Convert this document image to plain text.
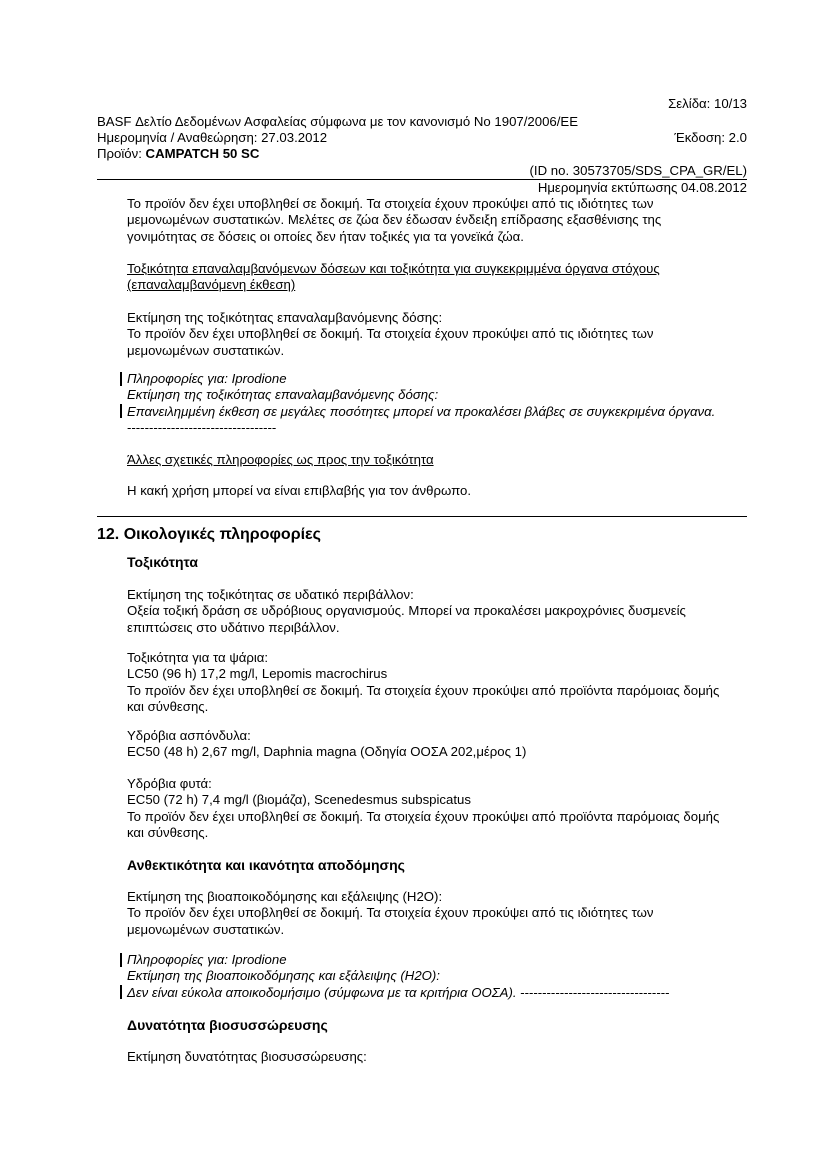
Σελίδα: 10/13
BASF Δελτίο Δεδομένων Ασφαλείας σύμφωνα με τον κανονισμό No 1907/2006/ΕΕ
Ημερομηνία / Αναθεώρηση: 27.03.2012	Έκδοση: 2.0
Προϊόν: CAMPATCH 50 SC
(ID no. 30573705/SDS_CPA_GR/EL)
Ημερομηνία εκτύπωσης 04.08.2012

Το προϊόν δεν έχει υποβληθεί σε δοκιμή. Τα στοιχεία έχουν προκύψει από τις ιδιότητες των

μεμονωμένων συστατικών. Μελέτες σε ζώα δεν έδωσαν ένδειξη επίδρασης εξασθένισης της

γονιμότητας σε δόσεις οι οποίες δεν ήταν τοξικές για τα γονεϊκά ζώα.

Τοξικότητα επαναλαμβανόμενων δόσεων και τοξικότητα για συγκεκριμμένα όργανα στόχους

(επαναλαμβανόμενη έκθεση)

Εκτίμηση της τοξικότητας επαναλαμβανόμενης δόσης:

Το προϊόν δεν έχει υποβληθεί σε δοκιμή. Τα στοιχεία έχουν προκύψει από τις ιδιότητες των

μεμονωμένων συστατικών.

Πληροφορίες για: Iprodione

Εκτίμηση της τοξικότητας επαναλαμβανόμενης δόσης:

Επανειλημμένη έκθεση σε μεγάλες ποσότητες μπορεί να προκαλέσει βλάβες σε συγκεκριμένα όργανα.

----------------------------------

Άλλες σχετικές πληροφορίες ως προς την τοξικότητα

Η κακή χρήση μπορεί να είναι επιβλαβής για τον άνθρωπο.

12. Οικολογικές πληροφορίες
Τοξικότητα

Εκτίμηση της τοξικότητας σε υδατικό περιβάλλον:

Οξεία τοξική δράση σε υδρόβιους οργανισμούς. Μπορεί να προκαλέσει μακροχρόνιες δυσμενείς

επιπτώσεις στο υδάτινο περιβάλλον.

Τοξικότητα για τα ψάρια:

LC50 (96 h) 17,2 mg/l, Lepomis macrochirus

Το προϊόν δεν έχει υποβληθεί σε δοκιμή. Τα στοιχεία έχουν προκύψει από προϊόντα παρόμοιας δομής

και σύνθεσης.

Υδρόβια ασπόνδυλα:

EC50 (48 h) 2,67 mg/l, Daphnia magna (Οδηγία ΟΟΣΑ 202,μέρος 1)

Υδρόβια φυτά:

EC50 (72 h) 7,4 mg/l (βιομάζα), Scenedesmus subspicatus

Το προϊόν δεν έχει υποβληθεί σε δοκιμή. Τα στοιχεία έχουν προκύψει από προϊόντα παρόμοιας δομής

και σύνθεσης.

Ανθεκτικότητα και ικανότητα αποδόμησης

Εκτίμηση της βιοαποικοδόμησης και εξάλειψης (H2O):

Το προϊόν δεν έχει υποβληθεί σε δοκιμή. Τα στοιχεία έχουν προκύψει από τις ιδιότητες των

μεμονωμένων συστατικών.

Πληροφορίες για: Iprodione

Εκτίμηση της βιοαποικοδόμησης και εξάλειψης (H2O):

Δεν είναι εύκολα αποικοδομήσιμο (σύμφωνα με τα κριτήρια ΟΟΣΑ). ----------------------------------

Δυνατότητα βιοσυσσώρευσης

Εκτίμηση δυνατότητας βιοσυσσώρευσης:
